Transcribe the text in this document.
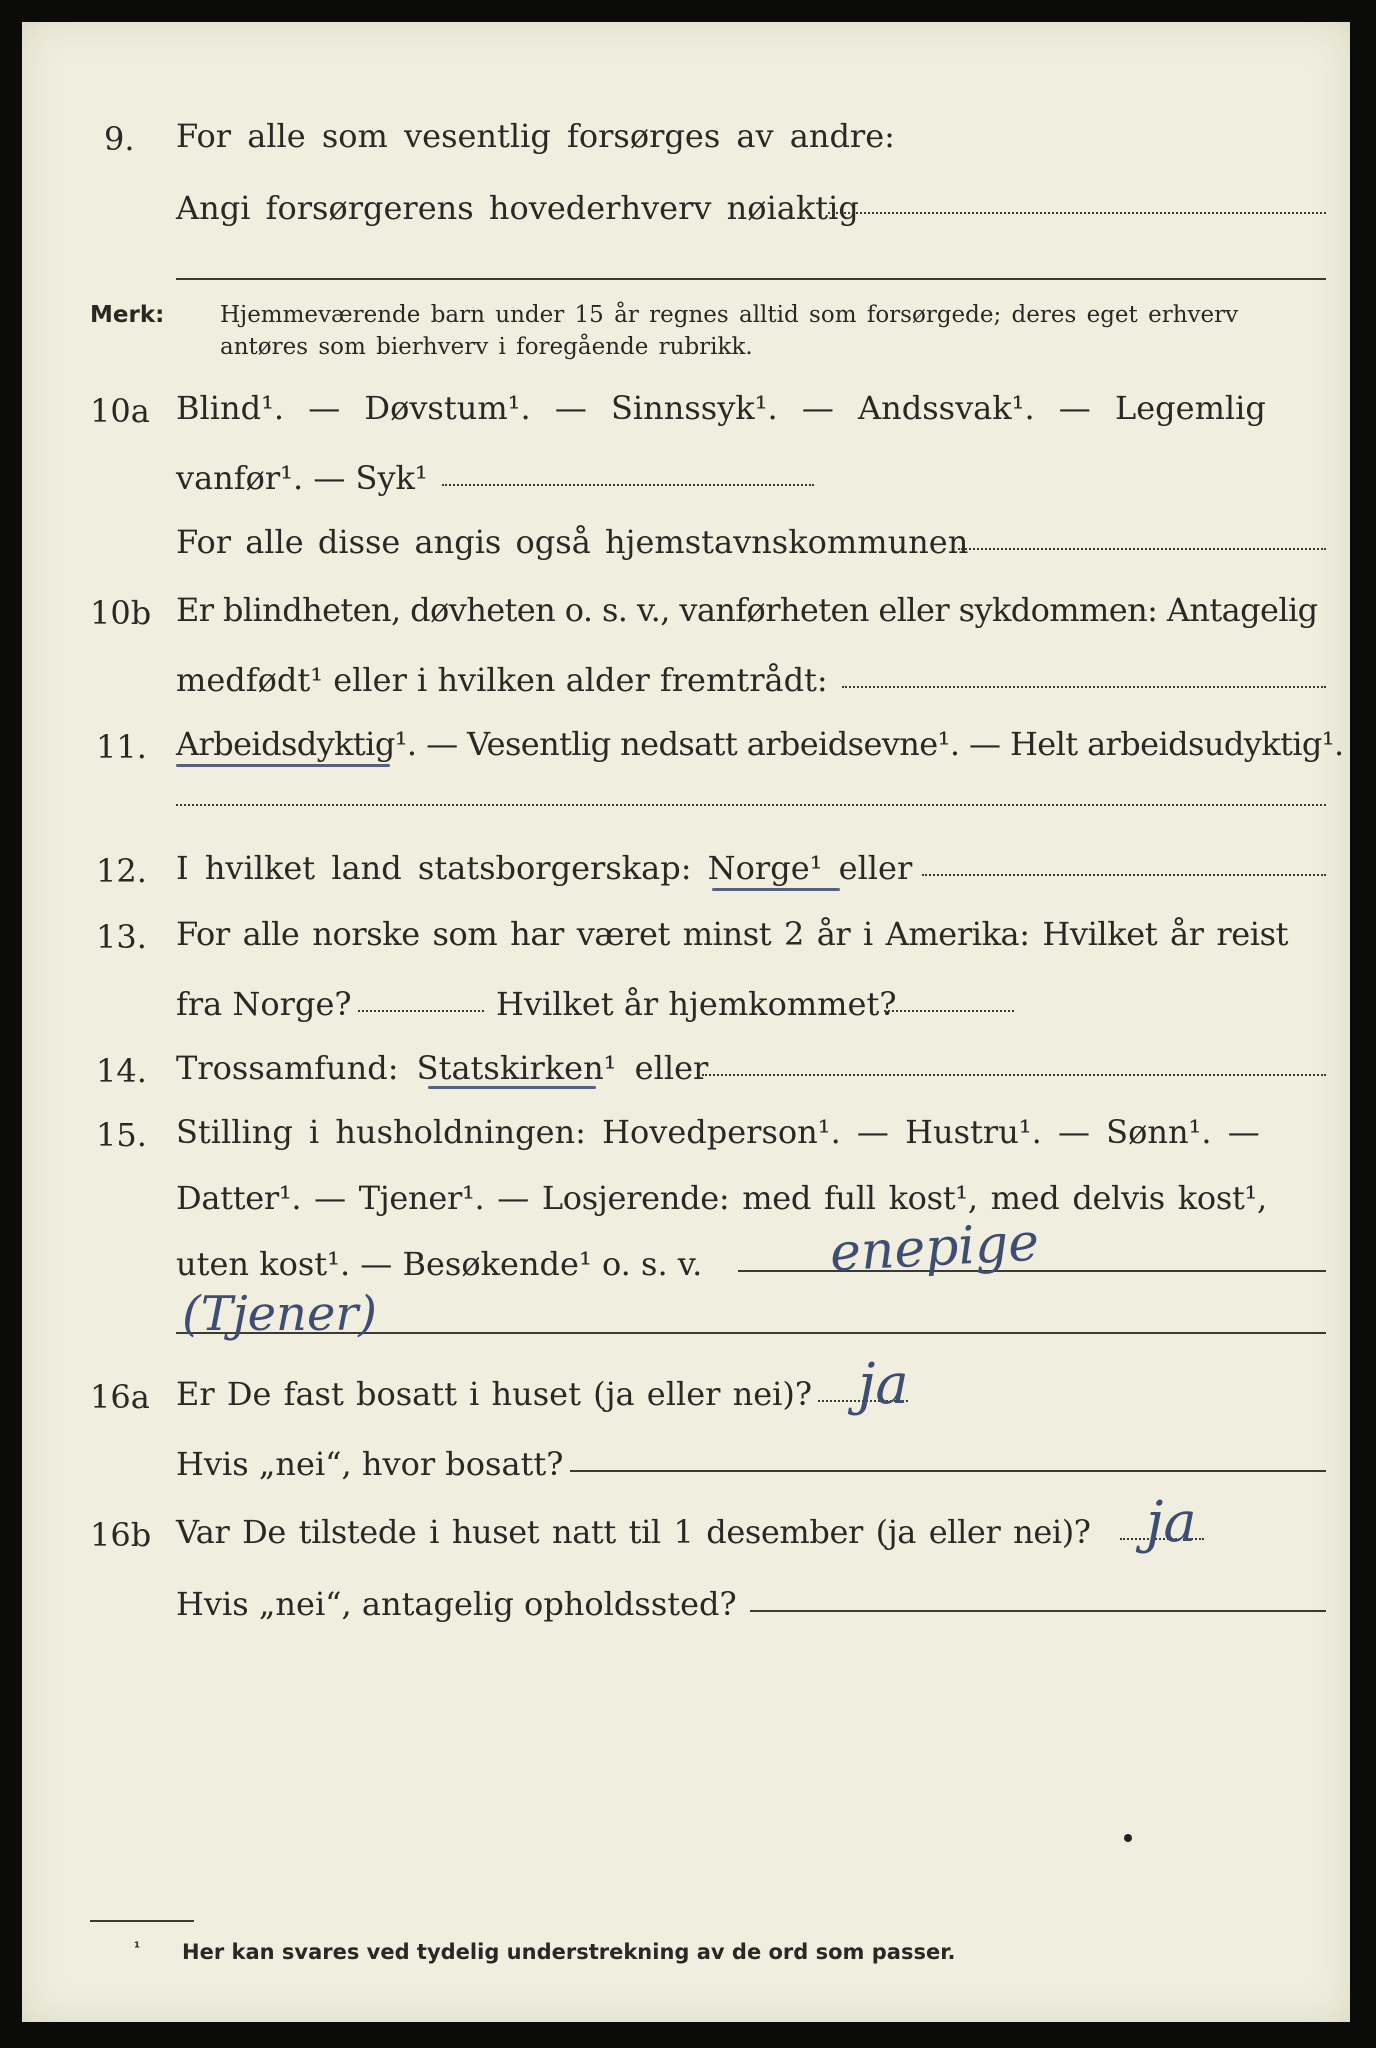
9. For alle som vesentlig forsørges av andre:
Angi forsørgerens hovederhverv nøiaktig
Merk: Hjemmeværende barn under 15 år regnes alltid som forsørgede; deres eget erhverv
antøres som bierhverv i foregående rubrikk.
10a Blind¹. — Døvstum¹. — Sinnssyk¹. — Andssvak¹. — Legemlig
vanfør¹. — Syk¹
For alle disse angis også hjemstavnskommunen
10b Er blindheten, døvheten o. s. v., vanførheten eller sykdommen: Antagelig
medfødt¹ eller i hvilken alder fremtrådt:
11. Arbeidsdyktig¹. — Vesentlig nedsatt arbeidsevne¹. — Helt arbeidsudyktig¹.
12. I hvilket land statsborgerskap: Norge¹ eller
13. For alle norske som har været minst 2 år i Amerika: Hvilket år reist
fra Norge?	Hvilket år hjemkommet?
14. Trossamfund: Statskirken¹ eller
15. Stilling i husholdningen: Hovedperson¹. — Hustru¹. — Sønn¹. —
Datter¹. — Tjener¹. — Losjerende: med full kost¹, med delvis kost¹,
uten kost¹. — Besøkende¹ o. s. v. enepige
(Tjener)
16a Er De fast bosatt i huset (ja eller nei)? ja
Hvis „nei“, hvor bosatt?
16b Var De tilstede i huset natt til 1 desember (ja eller nei)? ja
Hvis „nei“, antagelig opholdssted?
¹ Her kan svares ved tydelig understrekning av de ord som passer.
